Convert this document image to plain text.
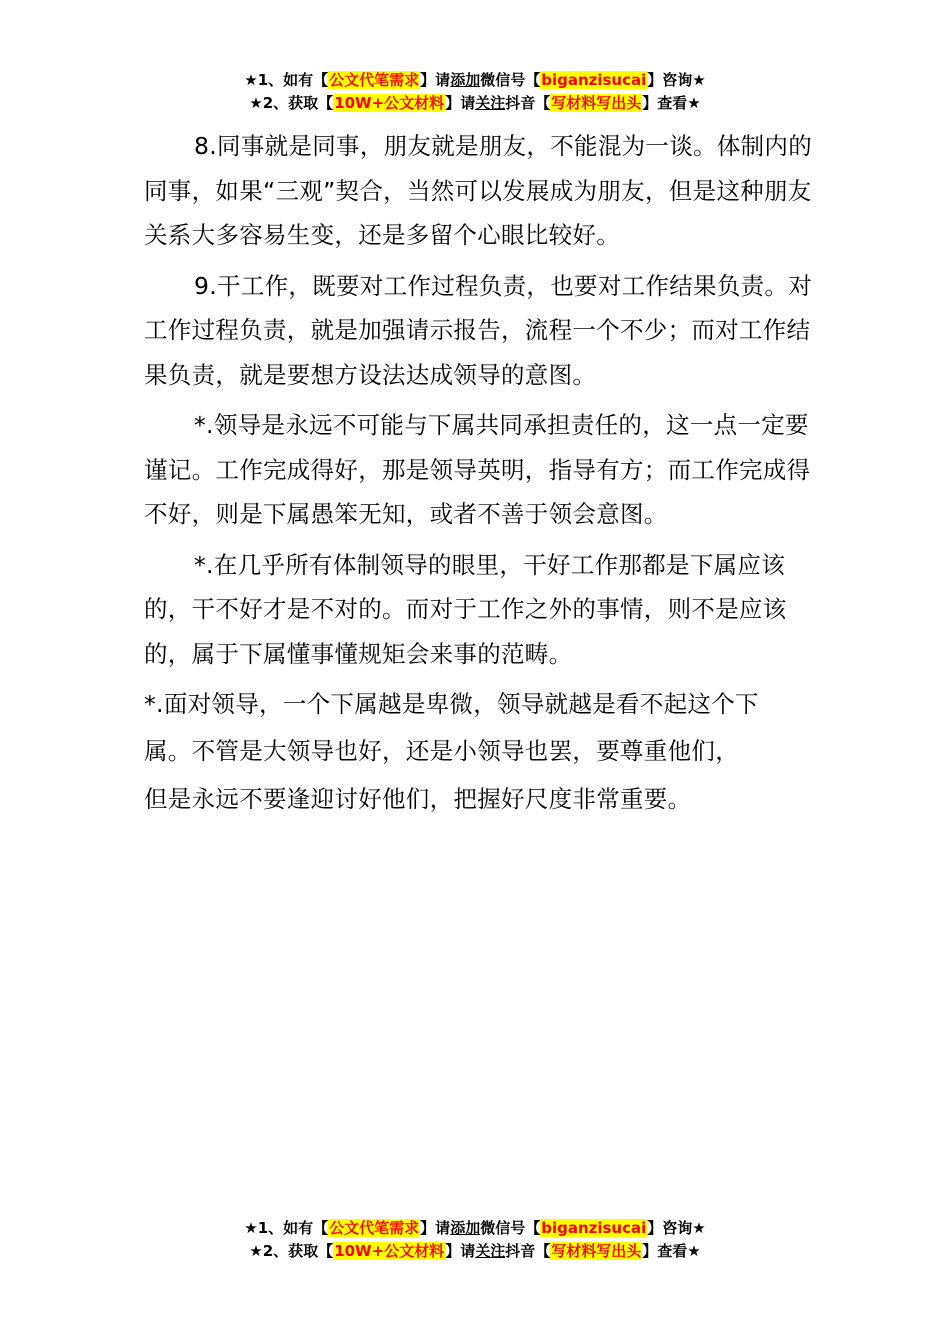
★1、如有【公文代笔需求】请添加微信号【biganzisucai】咨询★
★2、获取【10W+公文材料】请关注抖音【写材料写出头】查看★

8.同事就是同事，朋友就是朋友，不能混为一谈。体制内的同事，如果“三观”契合，当然可以发展成为朋友，但是这种朋友关系大多容易生变，还是多留个心眼比较好。

9.干工作，既要对工作过程负责，也要对工作结果负责。对工作过程负责，就是加强请示报告，流程一个不少；而对工作结果负责，就是要想方设法达成领导的意图。

*.领导是永远不可能与下属共同承担责任的，这一点一定要谨记。工作完成得好，那是领导英明，指导有方；而工作完成得不好，则是下属愚笨无知，或者不善于领会意图。

*.在几乎所有体制领导的眼里，干好工作那都是下属应该的，干不好才是不对的。而对于工作之外的事情，则不是应该的，属于下属懂事懂规矩会来事的范畴。

*.面对领导，一个下属越是卑微，领导就越是看不起这个下
属。不管是大领导也好，还是小领导也罢，要尊重他们，
但是永远不要逢迎讨好他们，把握好尺度非常重要。

★1、如有【公文代笔需求】请添加微信号【biganzisucai】咨询★
★2、获取【10W+公文材料】请关注抖音【写材料写出头】查看★
